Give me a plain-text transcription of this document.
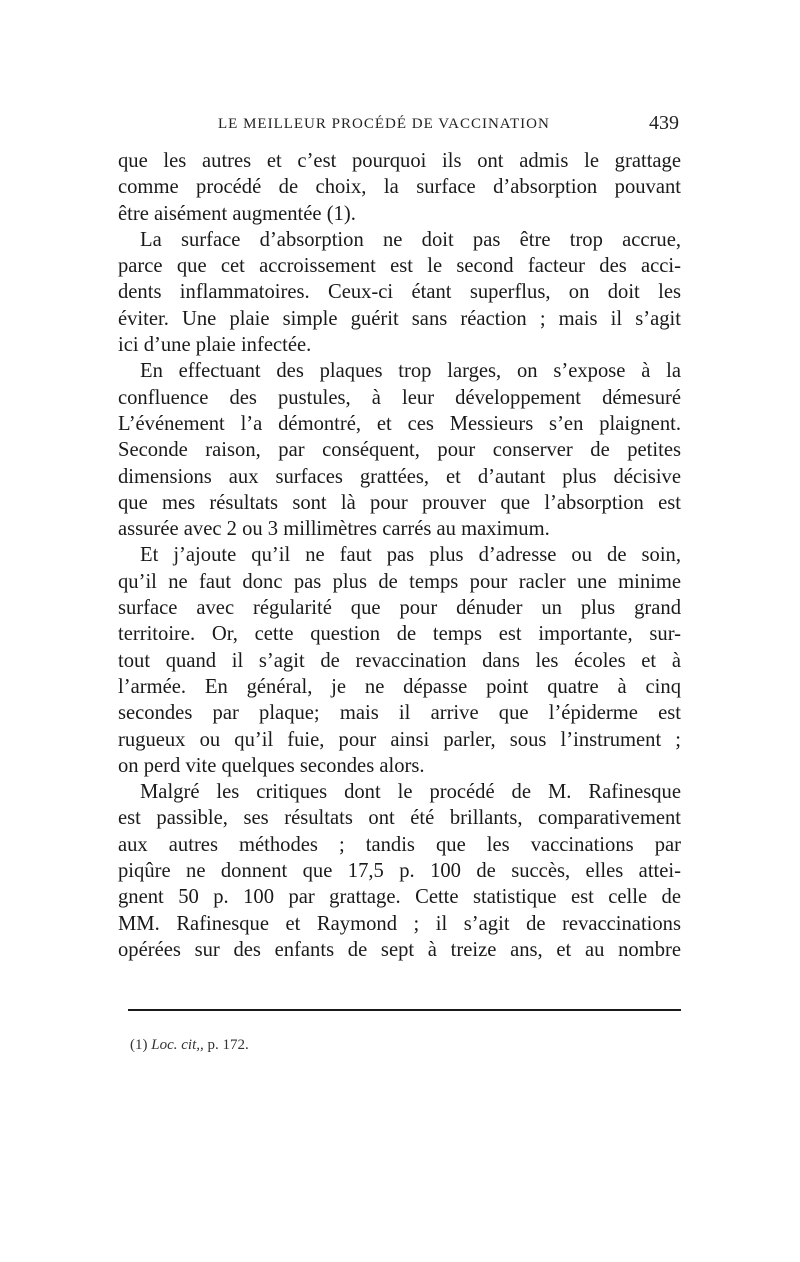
LE MEILLEUR PROCÉDÉ DE VACCINATION	439
que les autres et c’est pourquoi ils ont admis le grattage
comme procédé de choix, la surface d’absorption pouvant
être aisément augmentée (1).
La surface d’absorption ne doit pas être trop accrue,
parce que cet accroissement est le second facteur des acci-
dents inflammatoires. Ceux-ci étant superflus, on doit les
éviter. Une plaie simple guérit sans réaction ; mais il s’agit
ici d’une plaie infectée.
En effectuant des plaques trop larges, on s’expose à la
confluence des pustules, à leur développement démesuré
L’événement l’a démontré, et ces Messieurs s’en plaignent.
Seconde raison, par conséquent, pour conserver de petites
dimensions aux surfaces grattées, et d’autant plus décisive
que mes résultats sont là pour prouver que l’absorption est
assurée avec 2 ou 3 millimètres carrés au maximum.
Et j’ajoute qu’il ne faut pas plus d’adresse ou de soin,
qu’il ne faut donc pas plus de temps pour racler une minime
surface avec régularité que pour dénuder un plus grand
territoire. Or, cette question de temps est importante, sur-
tout quand il s’agit de revaccination dans les écoles et à
l’armée. En général, je ne dépasse point quatre à cinq
secondes par plaque; mais il arrive que l’épiderme est
rugueux ou qu’il fuie, pour ainsi parler, sous l’instrument ;
on perd vite quelques secondes alors.
Malgré les critiques dont le procédé de M. Rafinesque
est passible, ses résultats ont été brillants, comparativement
aux autres méthodes ; tandis que les vaccinations par
piqûre ne donnent que 17,5 p. 100 de succès, elles attei-
gnent 50 p. 100 par grattage. Cette statistique est celle de
MM. Rafinesque et Raymond ; il s’agit de revaccinations
opérées sur des enfants de sept à treize ans, et au nombre
(1) Loc. cit,, p. 172.
